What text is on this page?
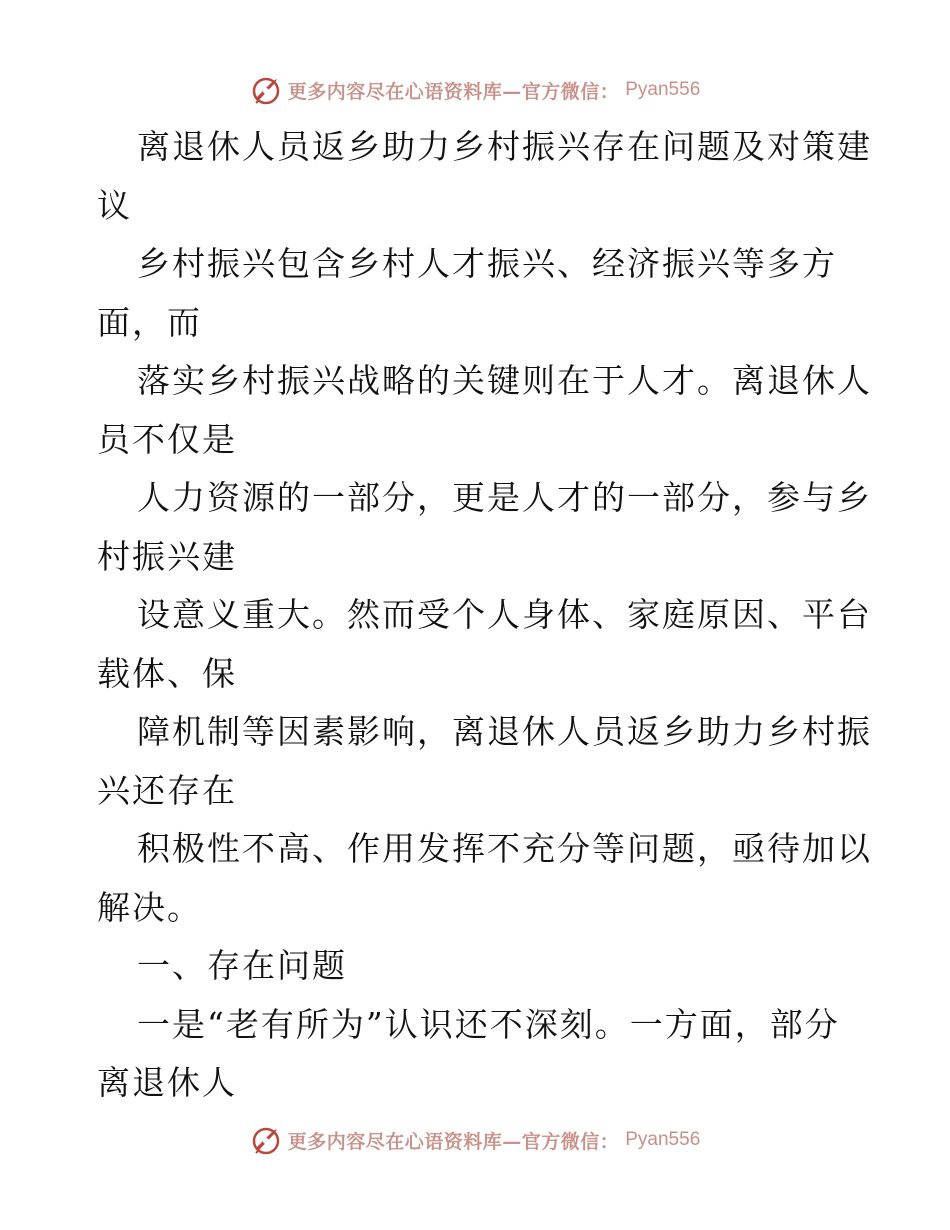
更多内容尽在心语资料库—官方微信： Pyan556
离退休人员返乡助力乡村振兴存在问题及对策建
议
乡村振兴包含乡村人才振兴、经济振兴等多方
面，而
落实乡村振兴战略的关键则在于人才。离退休人
员不仅是
人力资源的一部分，更是人才的一部分，参与乡
村振兴建
设意义重大。然而受个人身体、家庭原因、平台
载体、保
障机制等因素影响，离退休人员返乡助力乡村振
兴还存在
积极性不高、作用发挥不充分等问题，亟待加以
解决。
一、存在问题
一是“老有所为”认识还不深刻。一方面，部分
离退休人
更多内容尽在心语资料库—官方微信： Pyan556
